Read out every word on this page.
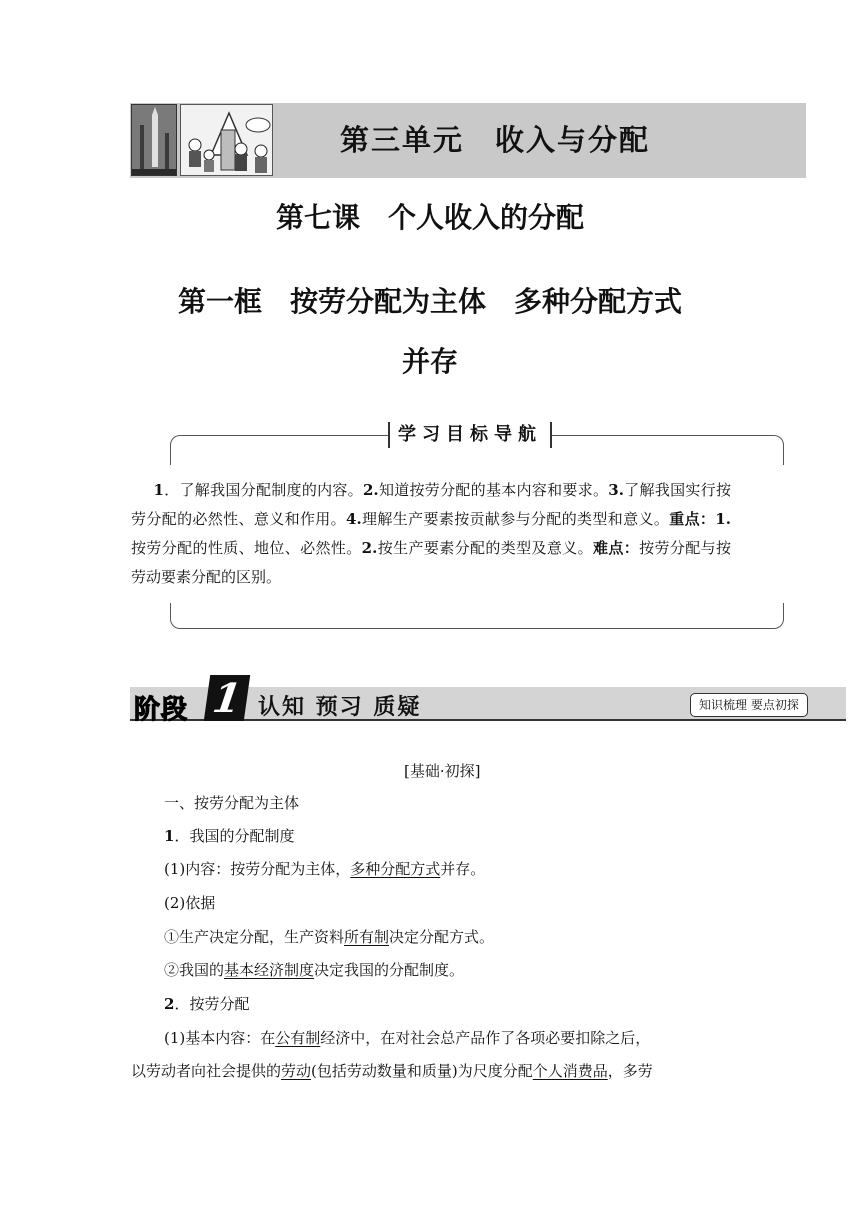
第三单元　收入与分配
第七课　个人收入的分配
第一框　按劳分配为主体　多种分配方式
并存
学习目标导航
  1．了解我国分配制度的内容。2.知道按劳分配的基本内容和要求。3.了解我国实行按劳分配的必然性、意义和作用。4.理解生产要素按贡献参与分配的类型和意义。重点：1.按劳分配的性质、地位、必然性。2.按生产要素分配的类型及意义。难点：按劳分配与按劳动要素分配的区别。
阶段 1 认知 预习 质疑	知识梳理 要点初探
[基础·初探]
一、按劳分配为主体
1．我国的分配制度
(1)内容：按劳分配为主体，多种分配方式并存。
(2)依据
①生产决定分配，生产资料所有制决定分配方式。
②我国的基本经济制度决定我国的分配制度。
2．按劳分配
(1)基本内容：在公有制经济中，在对社会总产品作了各项必要扣除之后，
以劳动者向社会提供的劳动(包括劳动数量和质量)为尺度分配个人消费品，多劳
